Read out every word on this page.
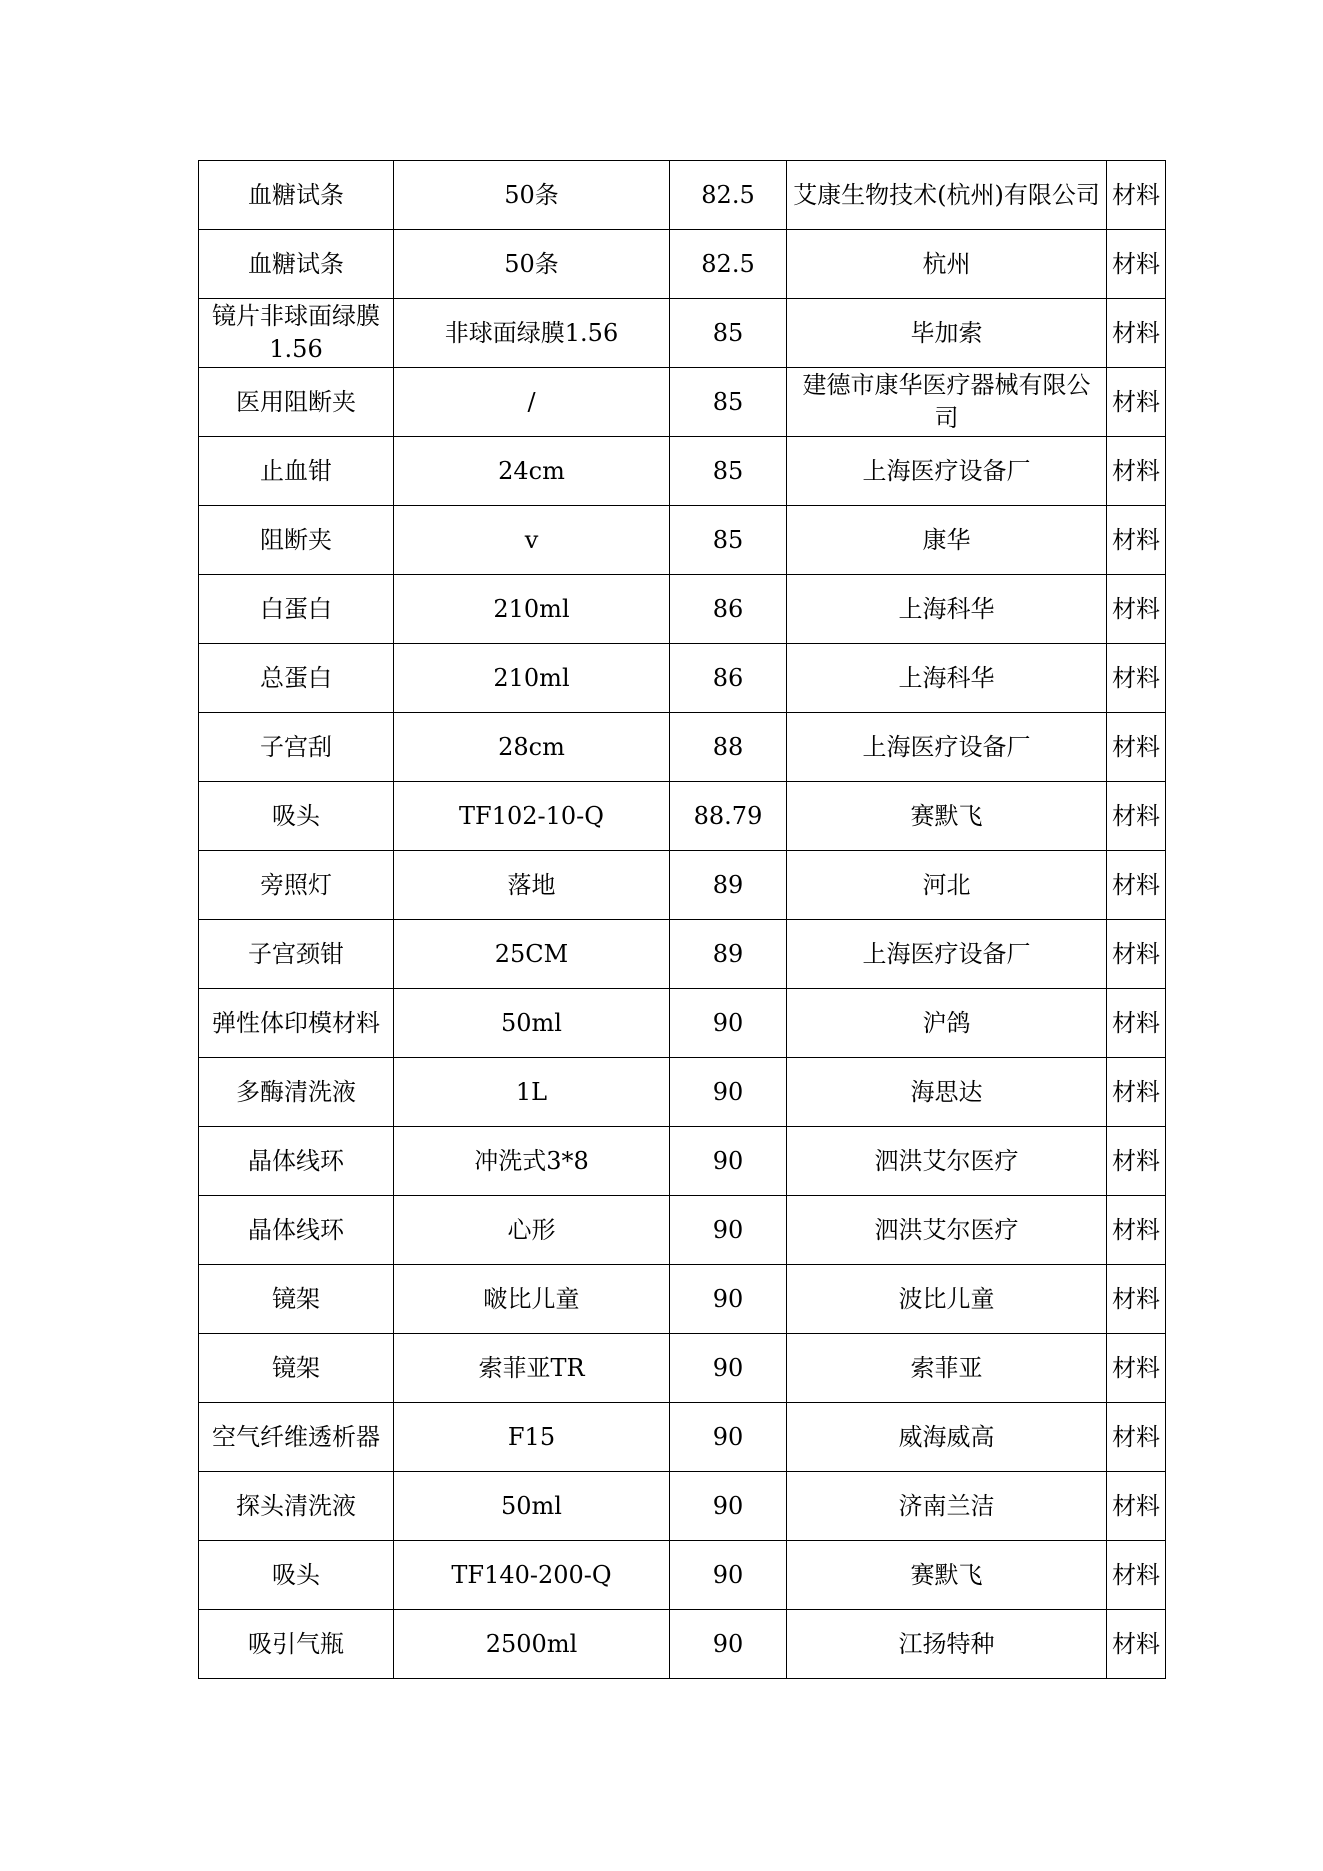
血糖试条	50条	82.5	艾康生物技术(杭州)有限公司	材料
血糖试条	50条	82.5	杭州	材料
镜片非球面绿膜1.56	非球面绿膜1.56	85	毕加索	材料
医用阻断夹	/	85	建德市康华医疗器械有限公司	材料
止血钳	24cm	85	上海医疗设备厂	材料
阻断夹	v	85	康华	材料
白蛋白	210ml	86	上海科华	材料
总蛋白	210ml	86	上海科华	材料
子宫刮	28cm	88	上海医疗设备厂	材料
吸头	TF102-10-Q	88.79	赛默飞	材料
旁照灯	落地	89	河北	材料
子宫颈钳	25CM	89	上海医疗设备厂	材料
弹性体印模材料	50ml	90	沪鸽	材料
多酶清洗液	1L	90	海思达	材料
晶体线环	冲洗式3*8	90	泗洪艾尔医疗	材料
晶体线环	心形	90	泗洪艾尔医疗	材料
镜架	啵比儿童	90	波比儿童	材料
镜架	索菲亚TR	90	索菲亚	材料
空气纤维透析器	F15	90	威海威高	材料
探头清洗液	50ml	90	济南兰洁	材料
吸头	TF140-200-Q	90	赛默飞	材料
吸引气瓶	2500ml	90	江扬特种	材料
